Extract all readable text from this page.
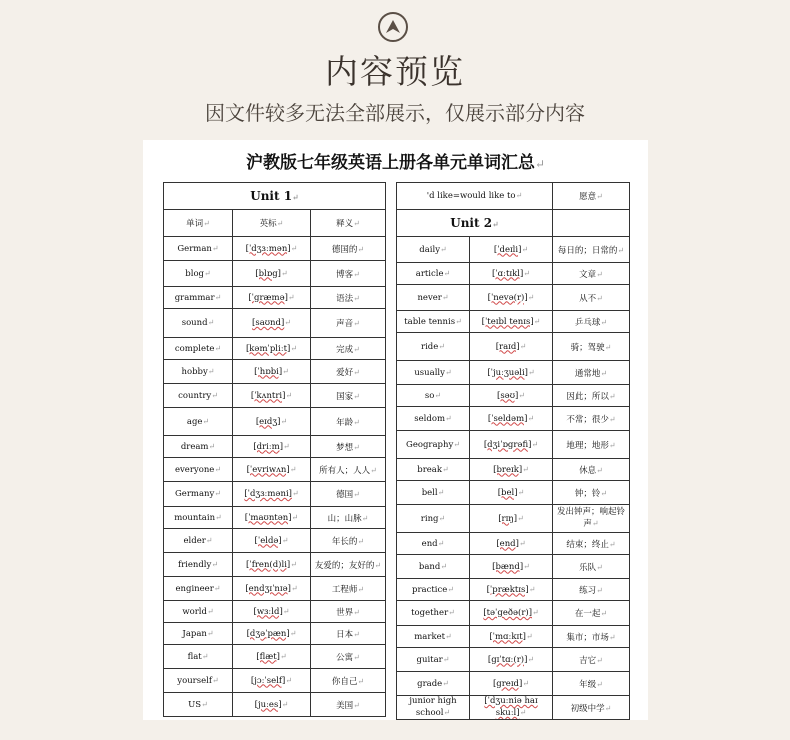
内容预览
因文件较多无法全部展示，仅展示部分内容
沪教版七年级英语上册各单元单词汇总↵
Unit 1↵		
单词↵	英标↵	释义↵
German↵	[ˈdʒɜːmən]↵	德国的↵
blog↵	[blɒg]↵	博客↵
grammar↵	[ˈgræmə]↵	语法↵
sound↵	[saʊnd]↵	声音↵
complete↵	[kəmˈpliːt]↵	完成↵
hobby↵	[ˈhɒbi]↵	爱好↵
country↵	[ˈkʌntri]↵	国家↵
age↵	[eɪdʒ]↵	年龄↵
dream↵	[driːm]↵	梦想↵
everyone↵	[ˈevriwʌn]↵	所有人；人人↵
Germany↵	[ˈdʒɜːməni]↵	德国↵
mountain↵	[ˈmaʊntən]↵	山；山脉↵
elder↵	[ˈeldə]↵	年长的↵
friendly↵	[ˈfren(d)li]↵	友爱的；友好的↵
engineer↵	[endʒɪˈnɪə]↵	工程师↵
world↵	[wɜːld]↵	世界↵
Japan↵	[dʒəˈpæn]↵	日本↵
flat↵	[flæt]↵	公寓↵
yourself↵	[jɔːˈself]↵	你自己↵
US↵	[juːes]↵	美国↵
'd like=would like to↵		愿意↵
Unit 2↵		
daily↵	[ˈdeɪli]↵	每日的；日常的↵
article↵	[ˈɑːtɪkl]↵	文章↵
never↵	[ˈnevə(r)]↵	从不↵
table tennis↵	[ˈteɪbl tenɪs]↵	乒乓球↵
ride↵	[raɪd]↵	骑；驾驶↵
usually↵	[ˈjuːʒuəli]↵	通常地↵
so↵	[səʊ]↵	因此；所以↵
seldom↵	[ˈseldəm]↵	不常；很少↵
Geography↵	[dʒiˈɒgrəfi]↵	地理；地形↵
break↵	[breɪk]↵	休息↵
bell↵	[bel]↵	钟；铃↵
ring↵	[rɪŋ]↵	发出钟声；响起铃声↵
end↵	[end]↵	结束；终止↵
band↵	[bænd]↵	乐队↵
practice↵	[ˈpræktɪs]↵	练习↵
together↵	[təˈgeðə(r)]↵	在一起↵
market↵	[ˈmɑːkɪt]↵	集市；市场↵
guitar↵	[gɪˈtɑː(r)]↵	吉它↵
grade↵	[greɪd]↵	年级↵
junior high school↵	[ˈdʒuːniə haɪ skuːl]↵	初级中学↵
